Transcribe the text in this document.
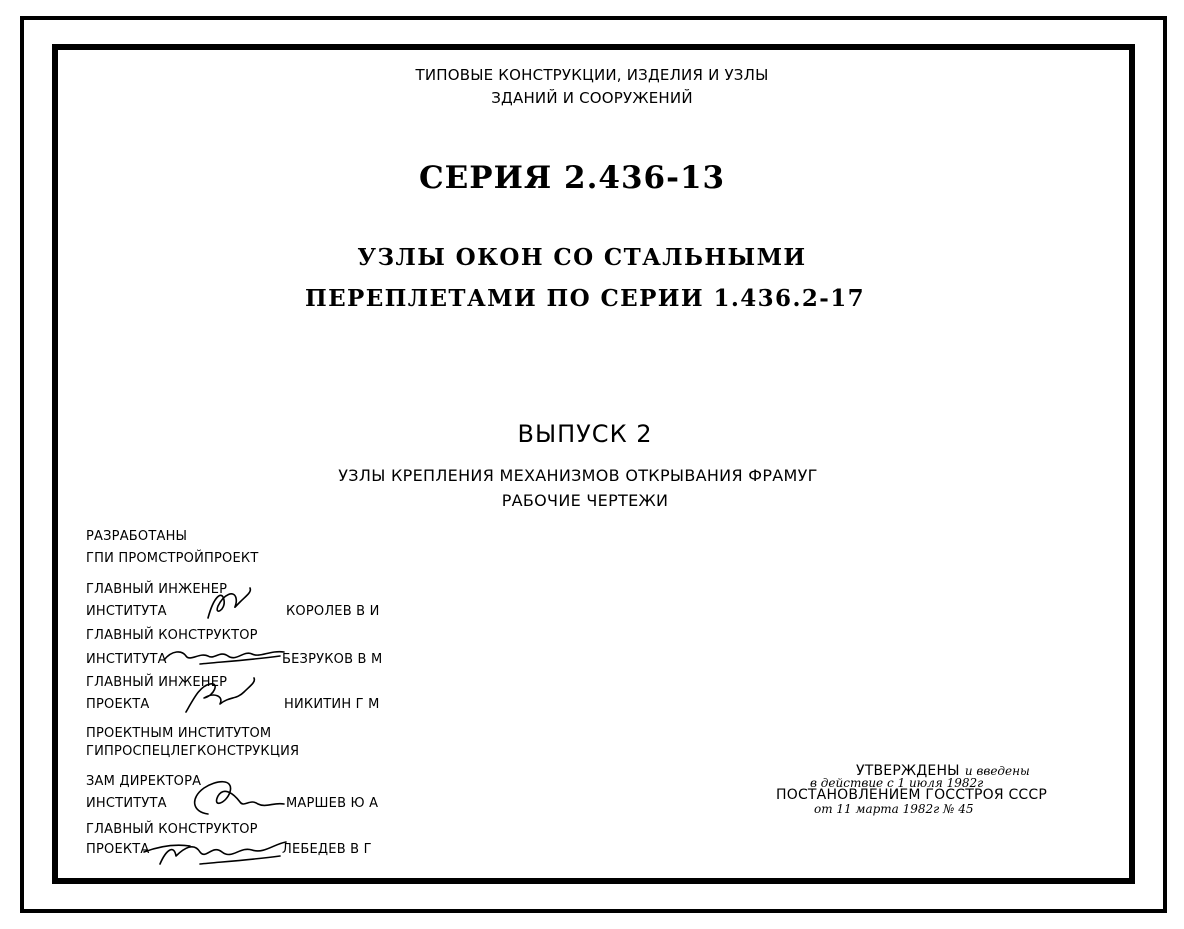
ТИПОВЫЕ КОНСТРУКЦИИ, ИЗДЕЛИЯ И УЗЛЫ
ЗДАНИЙ И СООРУЖЕНИЙ
СЕРИЯ 2.436-13
УЗЛЫ ОКОН СО СТАЛЬНЫМИ
ПЕРЕПЛЕТАМИ ПО СЕРИИ 1.436.2-17
ВЫПУСК 2
УЗЛЫ КРЕПЛЕНИЯ МЕХАНИЗМОВ ОТКРЫВАНИЯ ФРАМУГ
РАБОЧИЕ ЧЕРТЕЖИ
РАЗРАБОТАНЫ
ГПИ ПРОМСТРОЙПРОЕКТ
ГЛАВНЫЙ ИНЖЕНЕР
ИНСТИТУТА	КОРОЛЕВ В И
ГЛАВНЫЙ КОНСТРУКТОР
ИНСТИТУТА	БЕЗРУКОВ В М
ГЛАВНЫЙ ИНЖЕНЕР
ПРОЕКТА	НИКИТИН Г М
ПРОЕКТНЫМ ИНСТИТУТОМ
ГИПРОСПЕЦЛЕГКОНСТРУКЦИЯ
ЗАМ ДИРЕКТОРА
ИНСТИТУТА	МАРШЕВ Ю А
ГЛАВНЫЙ КОНСТРУКТОР
ПРОЕКТА	ЛЕБЕДЕВ В Г
УТВЕРЖДЕНЫ и введены
в действие с 1 июля 1982г
ПОСТАНОВЛЕНИЕМ ГОССТРОЯ СССР
от 11 марта 1982г № 45
